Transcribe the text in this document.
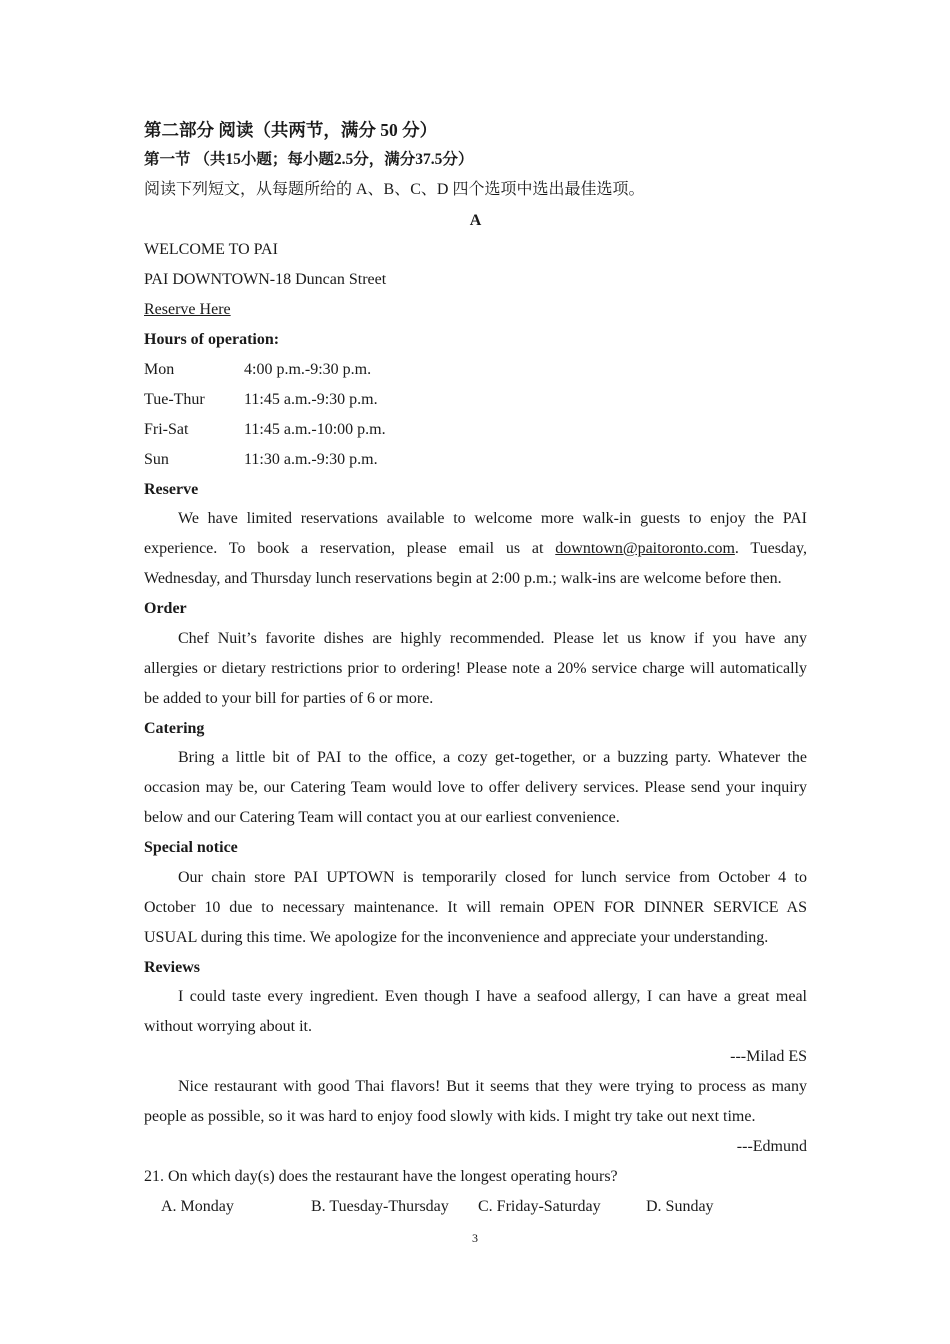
第二部分 阅读（共两节，满分 50 分）
第一节 （共15小题；每小题2.5分，满分37.5分）
阅读下列短文，从每题所给的 A、B、C、D 四个选项中选出最佳选项。
A
WELCOME TO PAI
PAI DOWNTOWN-18 Duncan Street
Reserve Here
Hours of operation:
Mon	4:00 p.m.-9:30 p.m.
Tue-Thur 11:45 a.m.-9:30 p.m.
Fri-Sat	11:45 a.m.-10:00 p.m.
Sun	11:30 a.m.-9:30 p.m.
Reserve
We have limited reservations available to welcome more walk-in guests to enjoy the PAI
experience. To book a reservation, please email us at downtown@paitoronto.com. Tuesday,
Wednesday, and Thursday lunch reservations begin at 2:00 p.m.; walk-ins are welcome before then.
Order
Chef Nuit’s favorite dishes are highly recommended. Please let us know if you have any
allergies or dietary restrictions prior to ordering! Please note a 20% service charge will automatically
be added to your bill for parties of 6 or more.
Catering
Bring a little bit of PAI to the office, a cozy get-together, or a buzzing party. Whatever the
occasion may be, our Catering Team would love to offer delivery services. Please send your inquiry
below and our Catering Team will contact you at our earliest convenience.
Special notice
Our chain store PAI UPTOWN is temporarily closed for lunch service from October 4 to
October 10 due to necessary maintenance. It will remain OPEN FOR DINNER SERVICE AS
USUAL during this time. We apologize for the inconvenience and appreciate your understanding.
Reviews
I could taste every ingredient. Even though I have a seafood allergy, I can have a great meal
without worrying about it.
---Milad ES
Nice restaurant with good Thai flavors! But it seems that they were trying to process as many
people as possible, so it was hard to enjoy food slowly with kids. I might try take out next time.
---Edmund
21. On which day(s) does the restaurant have the longest operating hours?
A. Monday	B. Tuesday-Thursday C. Friday-Saturday	D. Sunday
3
